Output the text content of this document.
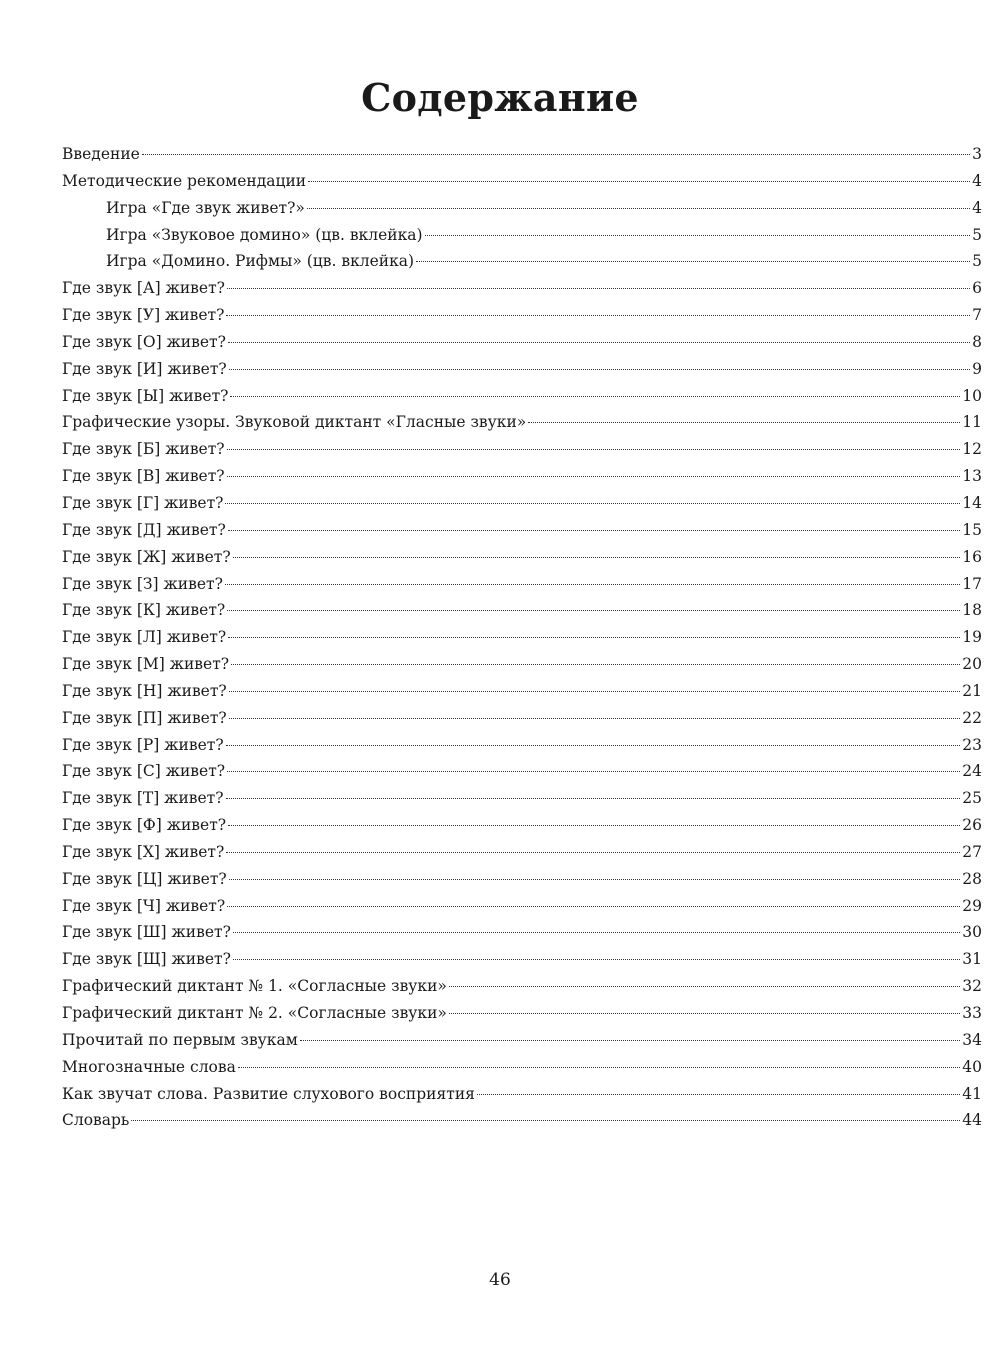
Содержание
Введение	3
Методические рекомендации	4
Игра «Где звук живет?»	4
Игра «Звуковое домино» (цв. вклейка)	5
Игра «Домино. Рифмы» (цв. вклейка)	5
Где звук [А] живет?	6
Где звук [У] живет?	7
Где звук [О] живет?	8
Где звук [И] живет?	9
Где звук [Ы] живет?	10
Графические узоры. Звуковой диктант «Гласные звуки»	11
Где звук [Б] живет?	12
Где звук [В] живет?	13
Где звук [Г] живет?	14
Где звук [Д] живет?	15
Где звук [Ж] живет?	16
Где звук [З] живет?	17
Где звук [К] живет?	18
Где звук [Л] живет?	19
Где звук [М] живет?	20
Где звук [Н] живет?	21
Где звук [П] живет?	22
Где звук [Р] живет?	23
Где звук [С] живет?	24
Где звук [Т] живет?	25
Где звук [Ф] живет?	26
Где звук [Х] живет?	27
Где звук [Ц] живет?	28
Где звук [Ч] живет?	29
Где звук [Ш] живет?	30
Где звук [Щ] живет?	31
Графический диктант № 1. «Согласные звуки»	32
Графический диктант № 2. «Согласные звуки»	33
Прочитай по первым звукам	34
Многозначные слова	40
Как звучат слова. Развитие слухового восприятия	41
Словарь	44
46
